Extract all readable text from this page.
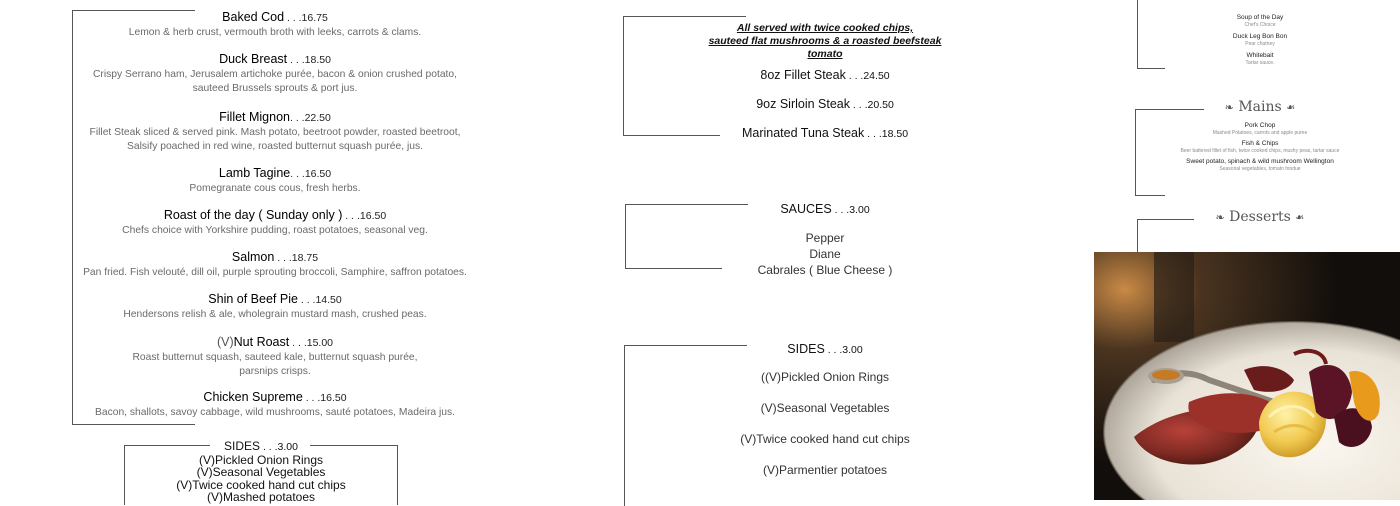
Baked Cod . . .16.75
Lemon & herb crust, vermouth broth with leeks, carrots & clams.
Duck Breast . . .18.50
Crispy Serrano ham, Jerusalem artichoke purée, bacon & onion crushed potato,
sauteed Brussels sprouts & port jus.
Fillet Mignon. . .22.50
Fillet Steak sliced & served pink. Mash potato, beetroot powder, roasted beetroot,
Salsify poached in red wine, roasted butternut squash purée, jus.
Lamb Tagine. . .16.50
Pomegranate cous cous, fresh herbs.
Roast of the day ( Sunday only ) . . .16.50
Chefs choice with Yorkshire pudding, roast potatoes, seasonal veg.
Salmon . . .18.75
Pan fried. Fish velouté, dill oil, purple sprouting broccoli, Samphire, saffron potatoes.
Shin of Beef Pie . . .14.50
Hendersons relish & ale, wholegrain mustard mash, crushed peas.
(V)Nut Roast . . .15.00
Roast butternut squash, sauteed kale, butternut squash purée,
parsnips crisps.
Chicken Supreme . . .16.50
Bacon, shallots, savoy cabbage, wild mushrooms, sauté potatoes, Madeira jus.
SIDES . . .3.00
(V)Pickled Onion Rings
(V)Seasonal Vegetables
(V)Twice cooked hand cut chips
(V)Mashed potatoes
All served with twice cooked chips,
sauteed flat mushrooms & a roasted beefsteak tomato
8oz Fillet Steak . . .24.50
9oz Sirloin Steak . . .20.50
Marinated Tuna Steak . . .18.50
SAUCES . . .3.00
Pepper
Diane
Cabrales ( Blue Cheese )
SIDES . . .3.00
((V)Pickled Onion Rings
(V)Seasonal Vegetables
(V)Twice cooked hand cut chips
(V)Parmentier potatoes
Soup of the Day
Chef's Choice
Duck Leg Bon Bon
Pear chutney
Whitebait
Tartar sauce.
❧ Mains ❧
Pork Chop
Mashed Potatoes, carrots and apple puree
Fish & Chips
Beer battered fillet of fish, twice cooked chips, mushy peas, tartar sauce
Sweet potato, spinach & wild mushroom Wellington
Seasonal vegetables, tomato fondue
❧ Desserts ❧
